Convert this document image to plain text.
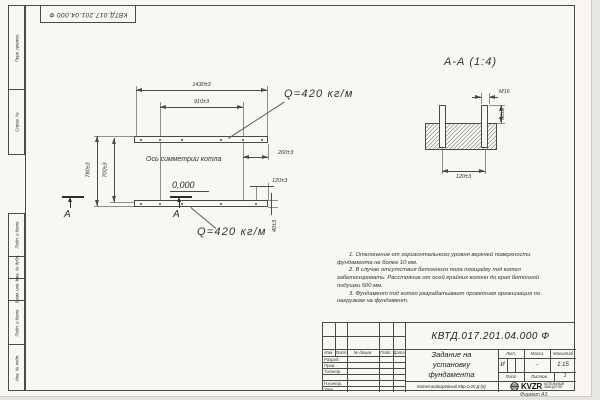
КВТД.017.201.04.000 Ф
Перв. примен.
Справ. №
Подп. и дата
Инв. № дубл.
Взам. инв. №
Подп. и дата
Инв. № подл.
1430±3
910±3
780±3 700±3
260±3
120±3
40±3
Ось симметрии котла
0,000
Q=420 кг/м
Q=420 кг/м
А	А
А-А (1:4)
М16
50±3
120±3
1. Отклонение от горизонтального уровня верхней поверхности
фундамента не более 10 мм.
2. В случае отсутствия бетонного пола площадку под котел
забетонировать. Расстояние от осей крайних колонн до края бетонной
подушки 500 мм.
3. Фундамент под котел разрабатывает проектная организация по
нагрузкам на фундамент.
Изм. Лист	№ докум.	Подп. Дата
Разраб.
Пров.
Т.контр.
Н.контр.
Утв.
КВТД.017.201.04.000 Ф
Задание на
установку
фундамента
Лит.	Масса	Масштаб
И	-	1:15
Лист	Листов	1
Котел водогрейный КВр-0,20 Д (К)	KVZR КОТЕЛЬНЫЙ
ЗАВОД РЭП
Формат А3
